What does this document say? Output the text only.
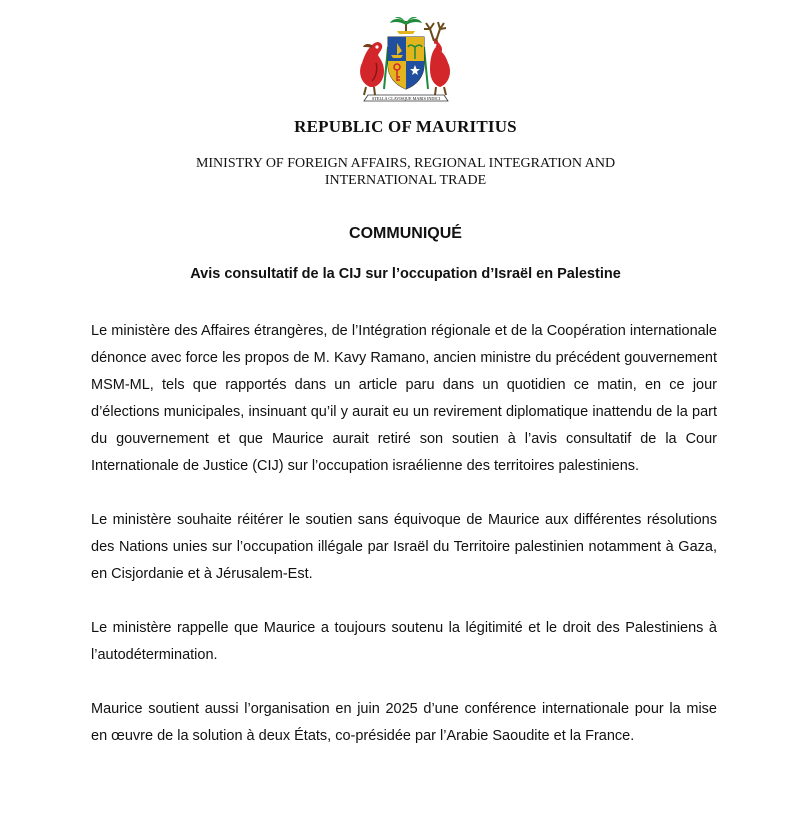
STELLA CLAVISQUE MARIS INDICI
REPUBLIC OF MAURITIUS
MINISTRY OF FOREIGN AFFAIRS, REGIONAL INTEGRATION AND
INTERNATIONAL TRADE
COMMUNIQUÉ
Avis consultatif de la CIJ sur l’occupation d’Israël en Palestine

Le ministère des Affaires étrangères, de l’Intégration régionale et de la Coopération internationale dénonce avec force les propos de M. Kavy Ramano, ancien ministre du précédent gouvernement MSM-ML, tels que rapportés dans un article paru dans un quotidien ce matin, en ce jour d’élections municipales, insinuant qu’il y aurait eu un revirement diplomatique inattendu de la part du gouvernement et que Maurice aurait retiré son soutien à l’avis consultatif de la Cour Internationale de Justice (CIJ) sur l’occupation israélienne des territoires palestiniens.

Le ministère souhaite réitérer le soutien sans équivoque de Maurice aux différentes résolutions des Nations unies sur l’occupation illégale par Israël du Territoire palestinien notamment à Gaza, en Cisjordanie et à Jérusalem-Est.

Le ministère rappelle que Maurice a toujours soutenu la légitimité et le droit des Palestiniens à l’autodétermination.

Maurice soutient aussi l’organisation en juin 2025 d’une conférence internationale pour la mise en œuvre de la solution à deux États, co-présidée par l’Arabie Saoudite et la France.
